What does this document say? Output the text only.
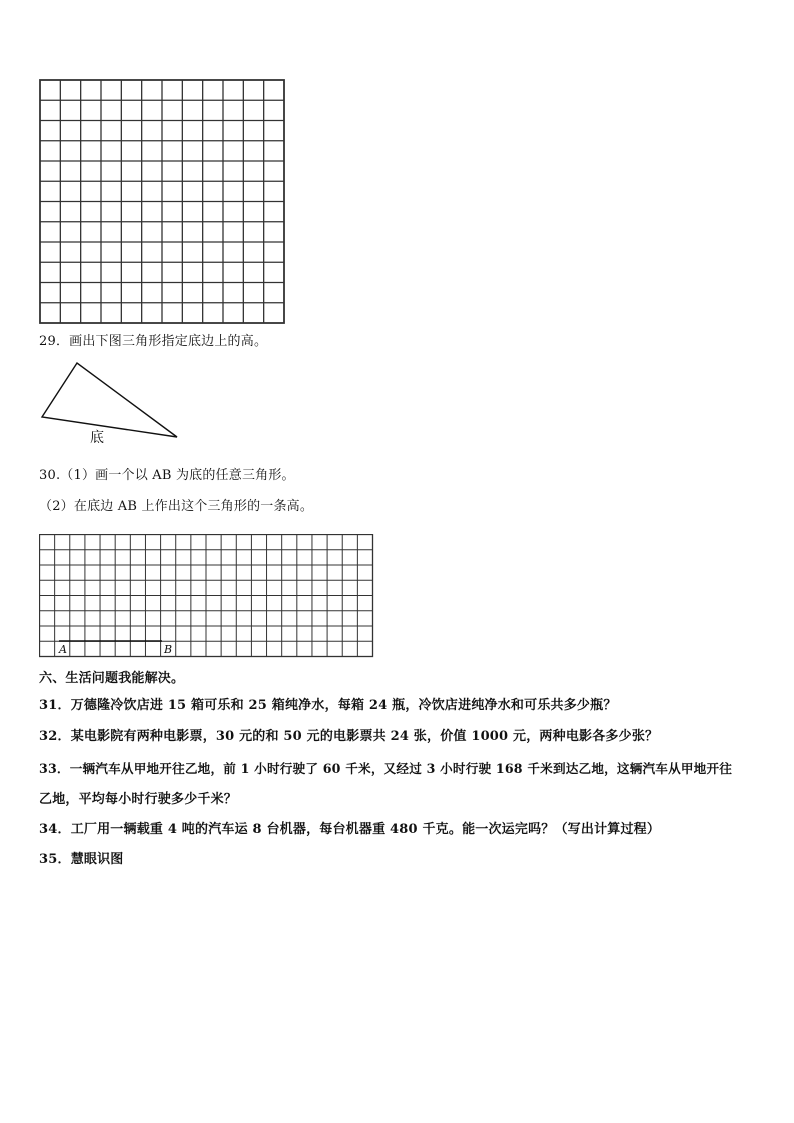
29．画出下图三角形指定底边上的高。
底
30.（1）画一个以 AB 为底的任意三角形。
（2）在底边 AB 上作出这个三角形的一条高。
A	B
六、生活问题我能解决。
31．万德隆冷饮店进 15 箱可乐和 25 箱纯净水，每箱 24 瓶，冷饮店进纯净水和可乐共多少瓶？
32．某电影院有两种电影票，30 元的和 50 元的电影票共 24 张，价值 1000 元，两种电影各多少张？
33．一辆汽车从甲地开往乙地，前 1 小时行驶了 60 千米，又经过 3 小时行驶 168 千米到达乙地，这辆汽车从甲地开往
乙地，平均每小时行驶多少千米？
34．工厂用一辆载重 4 吨的汽车运 8 台机器，每台机器重 480 千克。能一次运完吗？（写出计算过程）
35．慧眼识图
